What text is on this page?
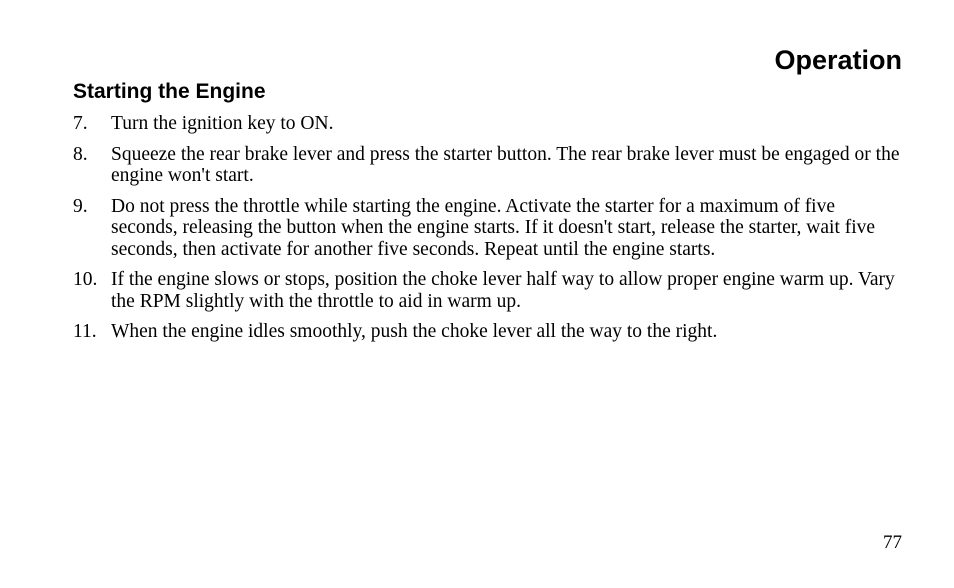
Operation
Starting the Engine
7. Turn the ignition key to ON.
8. Squeeze the rear brake lever and press the starter button. The rear brake lever must be engaged or the engine won't start.
9. Do not press the throttle while starting the engine. Activate the starter for a maximum of five seconds, releasing the button when the engine starts. If it doesn't start, release the starter, wait five seconds, then activate for another five seconds. Repeat until the engine starts.
10. If the engine slows or stops, position the choke lever half way to allow proper engine warm up. Vary the RPM slightly with the throttle to aid in warm up.
11. When the engine idles smoothly, push the choke lever all the way to the right.

77
